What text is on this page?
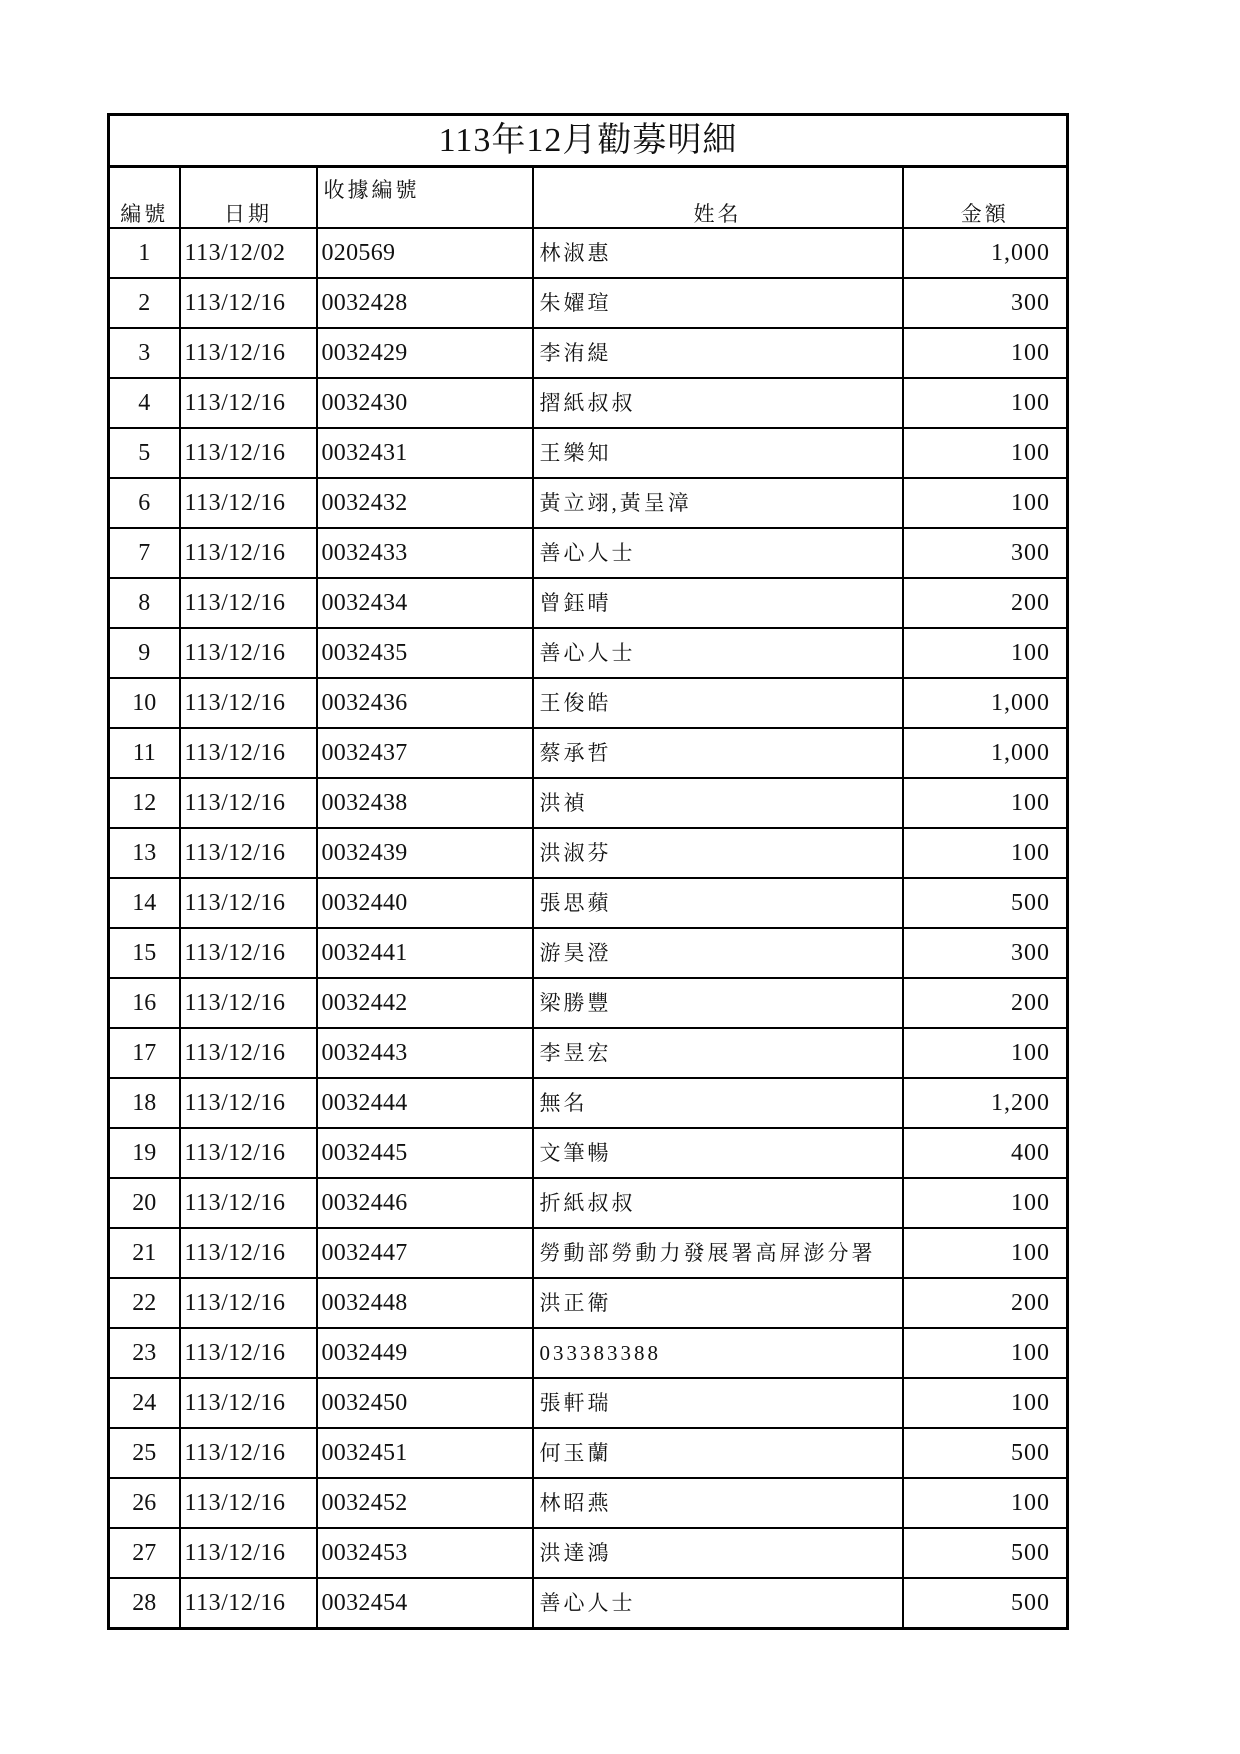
113年12月勸募明細				
編號	日期	收據編號	姓名	金額
1	113/12/02	020569	林淑惠	1,000
2	113/12/16	0032428	朱嬥瑄	300
3	113/12/16	0032429	李洧緹	100
4	113/12/16	0032430	摺紙叔叔	100
5	113/12/16	0032431	王樂知	100
6	113/12/16	0032432	黃立翊,黃呈漳	100
7	113/12/16	0032433	善心人士	300
8	113/12/16	0032434	曾鈺晴	200
9	113/12/16	0032435	善心人士	100
10	113/12/16	0032436	王俊皓	1,000
11	113/12/16	0032437	蔡承哲	1,000
12	113/12/16	0032438	洪禎	100
13	113/12/16	0032439	洪淑芬	100
14	113/12/16	0032440	張思蘋	500
15	113/12/16	0032441	游昊澄	300
16	113/12/16	0032442	梁勝豐	200
17	113/12/16	0032443	李昱宏	100
18	113/12/16	0032444	無名	1,200
19	113/12/16	0032445	文筆暢	400
20	113/12/16	0032446	折紙叔叔	100
21	113/12/16	0032447	勞動部勞動力發展署高屏澎分署	100
22	113/12/16	0032448	洪正衛	200
23	113/12/16	0032449	033383388	100
24	113/12/16	0032450	張軒瑞	100
25	113/12/16	0032451	何玉蘭	500
26	113/12/16	0032452	林昭燕	100
27	113/12/16	0032453	洪達鴻	500
28	113/12/16	0032454	善心人士	500
